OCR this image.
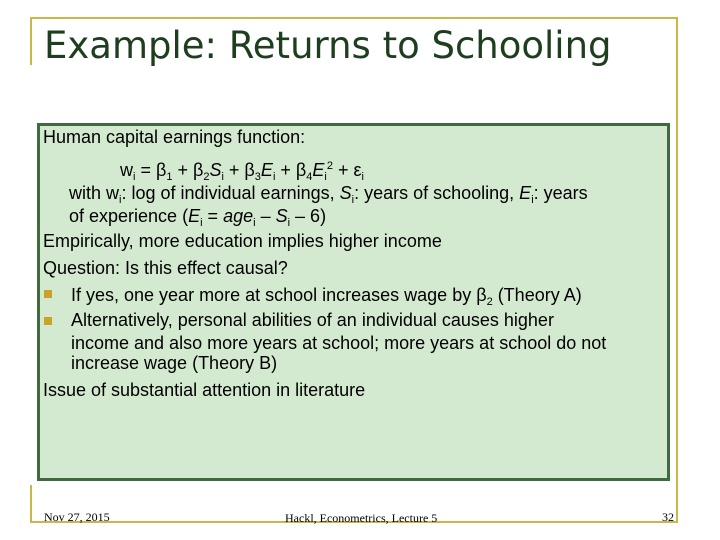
Example: Returns to Schooling
Human capital earnings function:
$w_i = \beta_1 + \beta_2S_i + \beta_3E_i + \beta_4E_i^2 + \varepsilon_i$
with $w_i$: log of individual earnings, $S_i$: years of schooling, $E_i$: years
of experience $(E_i = age_i - S_i - 6)$
Empirically, more education implies higher income
Question: Is this effect causal?
If yes, one year more at school increases wage by $\beta_2$ (Theory A)
Alternatively, personal abilities of an individual causes higher
income and also more years at school; more years at school do not
increase wage (Theory B)
Issue of substantial attention in literature
Nov 27, 2015	Hackl, Econometrics, Lecture 5	32
